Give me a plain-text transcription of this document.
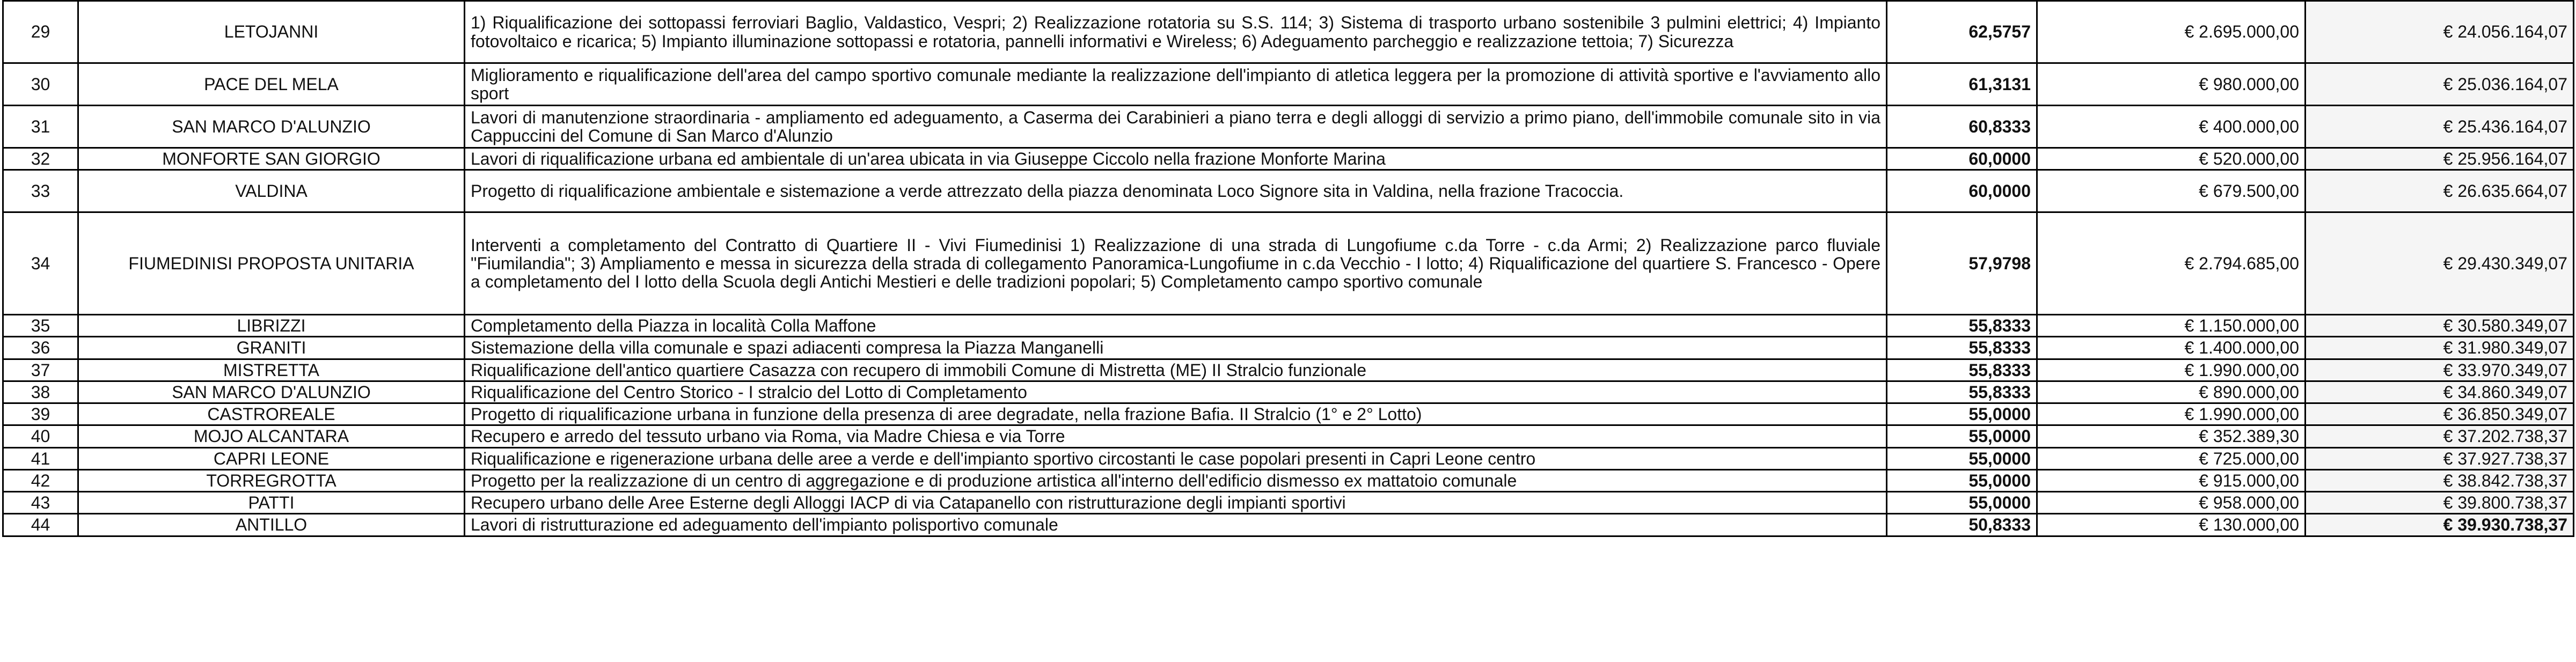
29	LETOJANNI	1) Riqualificazione dei sottopassi ferroviari Baglio, Valdastico, Vespri; 2) Realizzazione rotatoria su S.S. 114; 3) Sistema di trasporto urbano sostenibile 3 pulmini elettrici; 4) Impianto fotovoltaico e ricarica; 5) Impianto illuminazione sottopassi e rotatoria, pannelli informativi e Wireless; 6) Adeguamento parcheggio e realizzazione tettoia; 7) Sicurezza	62,5757	€ 2.695.000,00	€ 24.056.164,07
30	PACE DEL MELA	Miglioramento e riqualificazione dell'area del campo sportivo comunale mediante la realizzazione dell'impianto di atletica leggera per la promozione di attività sportive e l'avviamento allo sport	61,3131	€ 980.000,00	€ 25.036.164,07
31	SAN MARCO D'ALUNZIO	Lavori di manutenzione straordinaria - ampliamento ed adeguamento, a Caserma dei Carabinieri a piano terra e degli alloggi di servizio a primo piano, dell'immobile comunale sito in via Cappuccini del Comune di San Marco d'Alunzio	60,8333	€ 400.000,00	€ 25.436.164,07
32	MONFORTE SAN GIORGIO	Lavori di riqualificazione urbana ed ambientale di un'area ubicata in via Giuseppe Ciccolo nella frazione Monforte Marina	60,0000	€ 520.000,00	€ 25.956.164,07
33	VALDINA	Progetto di riqualificazione ambientale e sistemazione a verde attrezzato della piazza denominata Loco Signore sita in Valdina, nella frazione Tracoccia.	60,0000	€ 679.500,00	€ 26.635.664,07
34	FIUMEDINISI PROPOSTA UNITARIA	Interventi a completamento del Contratto di Quartiere II - Vivi Fiumedinisi 1) Realizzazione di una strada di Lungofiume c.da Torre - c.da Armi; 2) Realizzazione parco fluviale "Fiumilandia"; 3) Ampliamento e messa in sicurezza della strada di collegamento Panoramica-Lungofiume in c.da Vecchio - I lotto; 4) Riqualificazione del quartiere S. Francesco - Opere a completamento del I lotto della Scuola degli Antichi Mestieri e delle tradizioni popolari; 5) Completamento campo sportivo comunale	57,9798	€ 2.794.685,00	€ 29.430.349,07
35	LIBRIZZI	Completamento della Piazza in località Colla Maffone	55,8333	€ 1.150.000,00	€ 30.580.349,07
36	GRANITI	Sistemazione della villa comunale e spazi adiacenti compresa la Piazza Manganelli	55,8333	€ 1.400.000,00	€ 31.980.349,07
37	MISTRETTA	Riqualificazione dell'antico quartiere Casazza con recupero di immobili Comune di Mistretta (ME) II Stralcio funzionale	55,8333	€ 1.990.000,00	€ 33.970.349,07
38	SAN MARCO D'ALUNZIO	Riqualificazione del Centro Storico - I stralcio del Lotto di Completamento	55,8333	€ 890.000,00	€ 34.860.349,07
39	CASTROREALE	Progetto di riqualificazione urbana in funzione della presenza di aree degradate, nella frazione Bafia. II Stralcio (1° e 2° Lotto)	55,0000	€ 1.990.000,00	€ 36.850.349,07
40	MOJO ALCANTARA	Recupero e arredo del tessuto urbano via Roma, via Madre Chiesa e via Torre	55,0000	€ 352.389,30	€ 37.202.738,37
41	CAPRI LEONE	Riqualificazione e rigenerazione urbana delle aree a verde e dell'impianto sportivo circostanti le case popolari presenti in Capri Leone centro	55,0000	€ 725.000,00	€ 37.927.738,37
42	TORREGROTTA	Progetto per la realizzazione di un centro di aggregazione e di produzione artistica all'interno dell'edificio dismesso ex mattatoio comunale	55,0000	€ 915.000,00	€ 38.842.738,37
43	PATTI	Recupero urbano delle Aree Esterne degli Alloggi IACP di via Catapanello con ristrutturazione degli impianti sportivi	55,0000	€ 958.000,00	€ 39.800.738,37
44	ANTILLO	Lavori di ristrutturazione ed adeguamento dell'impianto polisportivo comunale	50,8333	€ 130.000,00	€ 39.930.738,37
